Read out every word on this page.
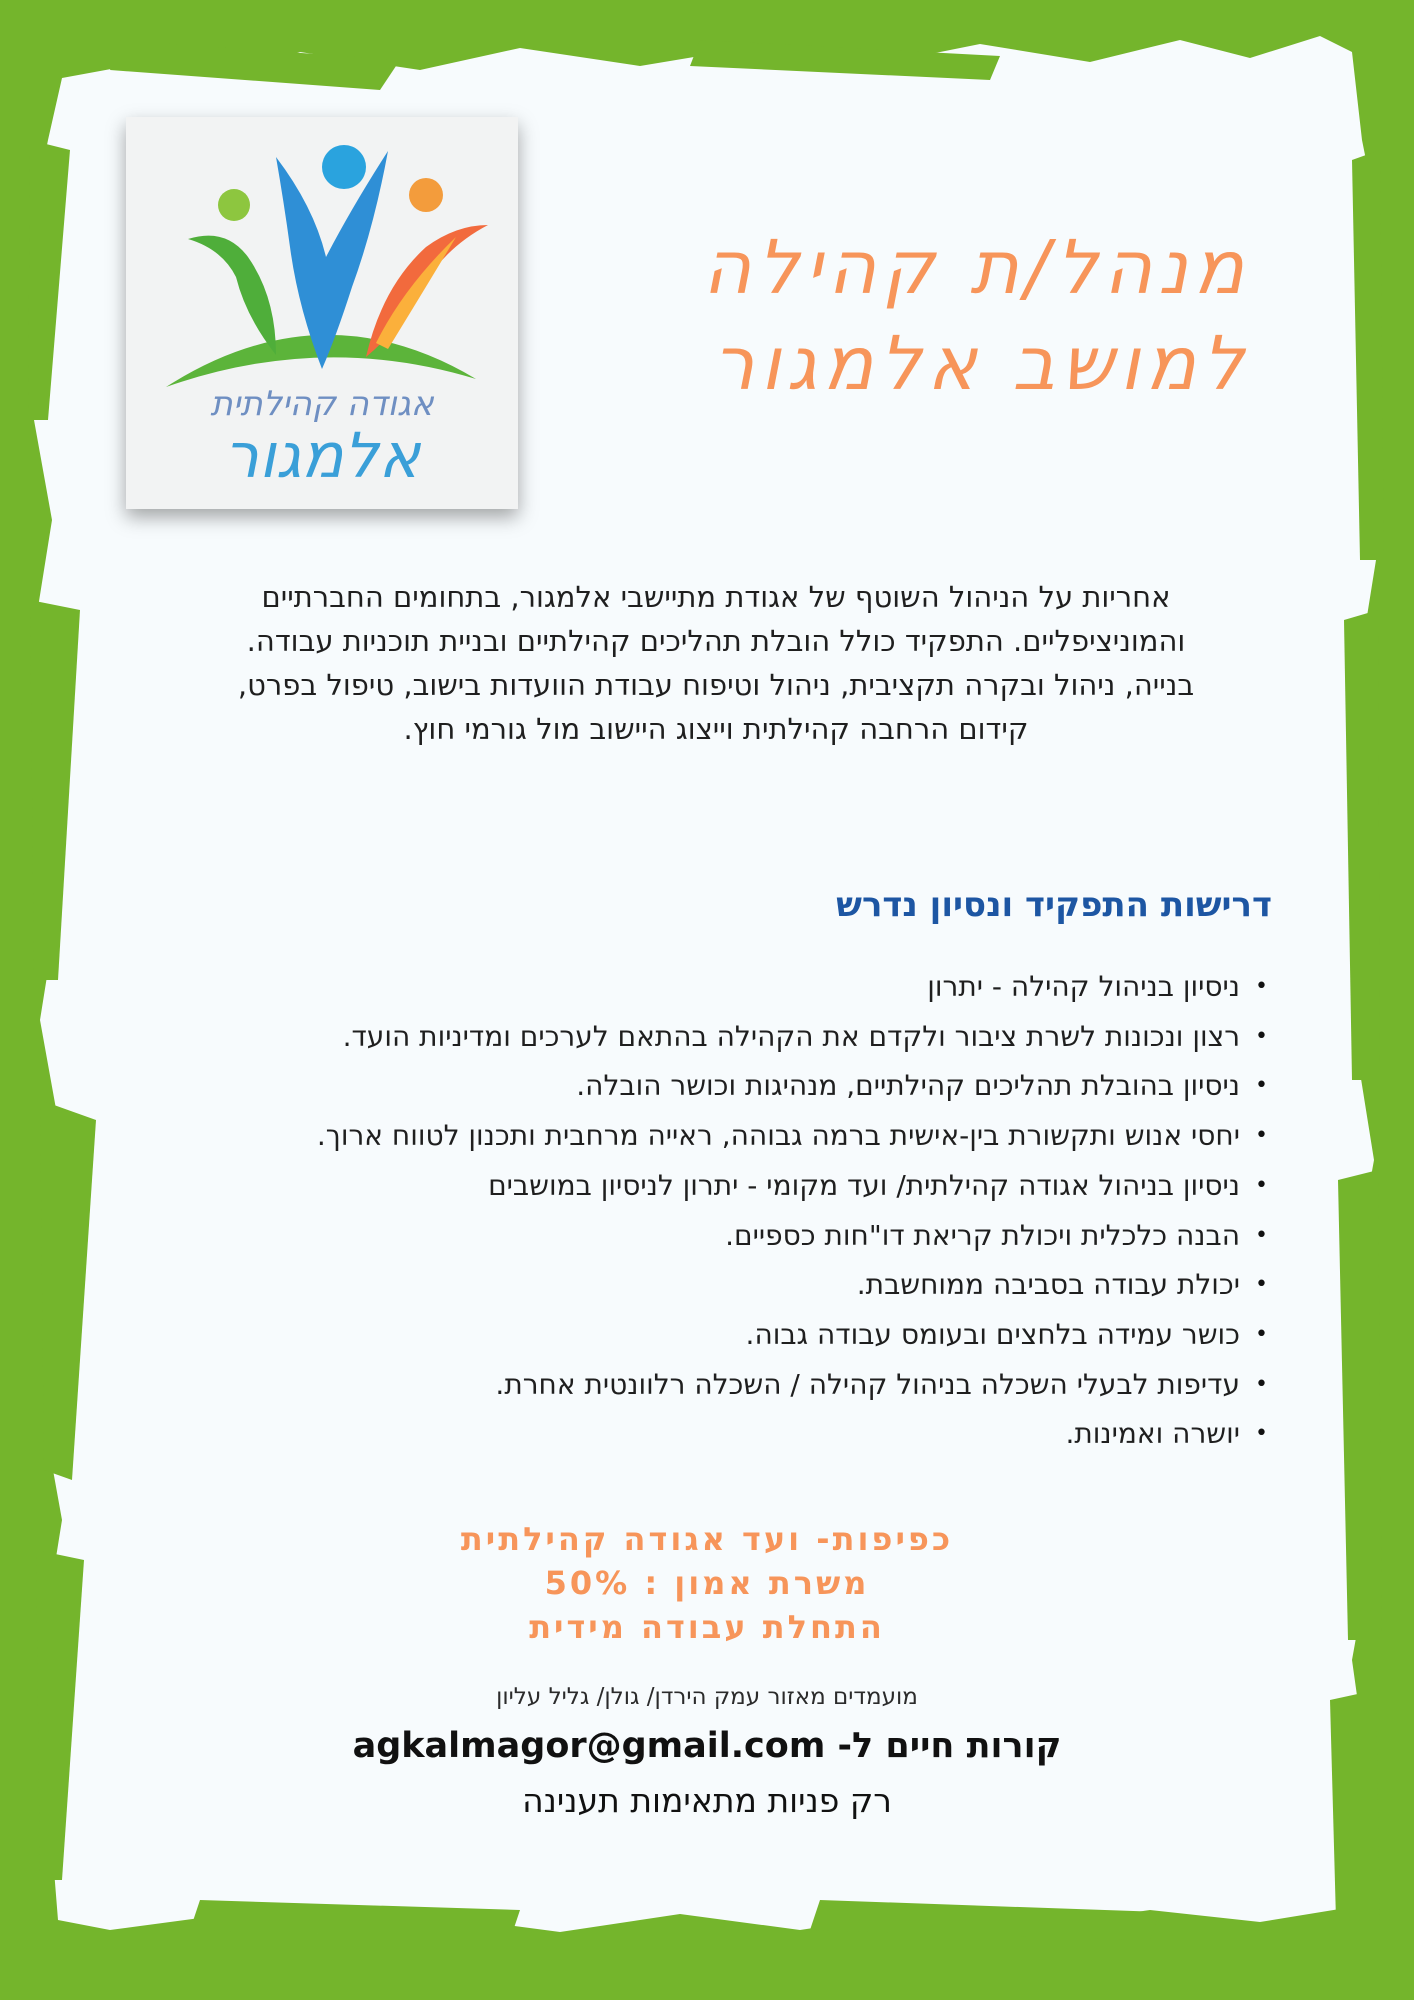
אגודה קהילתית
אלמגור
מנהל/ת קהילה
למושב אלמגור
אחריות על הניהול השוטף של אגודת מתיישבי אלמגור, בתחומים החברתיים
והמוניציפליים. התפקיד כולל הובלת תהליכים קהילתיים ובניית תוכניות עבודה.
בנייה, ניהול ובקרה תקציבית, ניהול וטיפוח עבודת הוועדות בישוב, טיפול בפרט,
קידום הרחבה קהילתית וייצוג היישוב מול גורמי חוץ.
דרישות התפקיד ונסיון נדרש
•
ניסיון בניהול קהילה - יתרון
•
רצון ונכונות לשרת ציבור ולקדם את הקהילה בהתאם לערכים ומדיניות הועד.
•
ניסיון בהובלת תהליכים קהילתיים, מנהיגות וכושר הובלה.
•
יחסי אנוש ותקשורת בין-אישית ברמה גבוהה, ראייה מרחבית ותכנון לטווח ארוך.
•
ניסיון בניהול אגודה קהילתית/ ועד מקומי - יתרון לניסיון במושבים
•
הבנה כלכלית ויכולת קריאת דו"חות כספיים.
•
יכולת עבודה בסביבה ממוחשבת.
•
כושר עמידה בלחצים ובעומס עבודה גבוה.
•
עדיפות לבעלי השכלה בניהול קהילה / השכלה רלוונטית אחרת.
•
יושרה ואמינות.
כפיפות- ועד אגודה קהילתית
משרת אמון : 50%
התחלת עבודה מידית
מועמדים מאזור עמק הירדן/ גולן/ גליל עליון
קורות חיים ל- agkalmagor@gmail.com
רק פניות מתאימות תענינה
